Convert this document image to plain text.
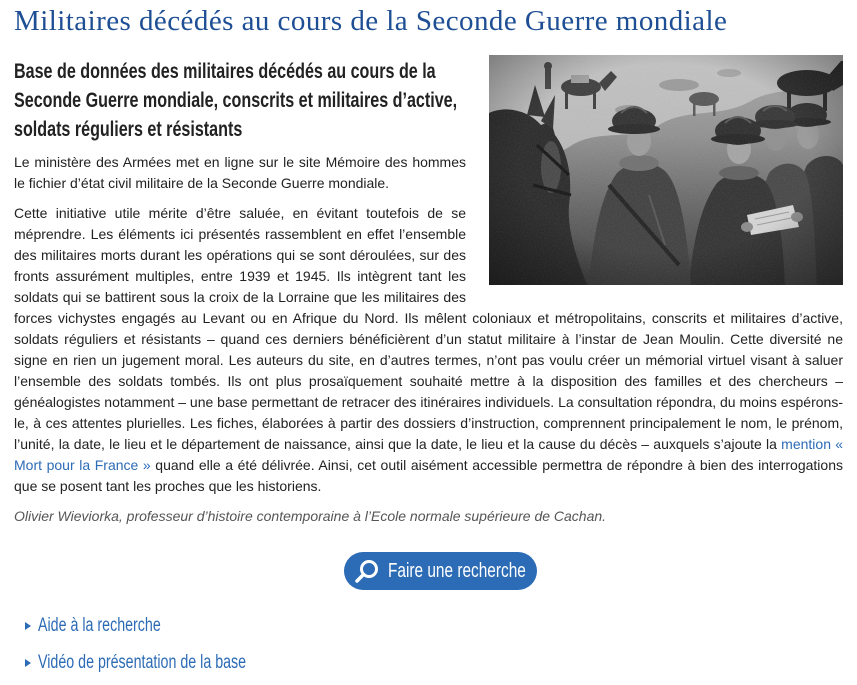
Militaires décédés au cours de la Seconde Guerre mondiale
Base de données des militaires décédés au cours de la Seconde Guerre mondiale, conscrits et militaires d’active, soldats réguliers et résistants

Le ministère des Armées met en ligne sur le site Mémoire des hommes le fichier d’état civil militaire de la Seconde Guerre mondiale.

Cette initiative utile mérite d’être saluée, en évitant toutefois de se méprendre. Les éléments ici présentés rassemblent en effet l’ensemble des militaires morts durant les opérations qui se sont déroulées, sur des fronts assurément multiples, entre 1939 et 1945. Ils intègrent tant les soldats qui se battirent sous la croix de la Lorraine que les militaires des forces vichystes engagés au Levant ou en Afrique du Nord. Ils mêlent coloniaux et métropolitains, conscrits et militaires d’active, soldats réguliers et résistants – quand ces derniers bénéficièrent d’un statut militaire à l’instar de Jean Moulin. Cette diversité ne signe en rien un jugement moral. Les auteurs du site, en d’autres termes, n’ont pas voulu créer un mémorial virtuel visant à saluer l’ensemble des soldats tombés. Ils ont plus prosaïquement souhaité mettre à la disposition des familles et des chercheurs – généalogistes notamment – une base permettant de retracer des itinéraires individuels. La consultation répondra, du moins espérons-le, à ces attentes plurielles. Les fiches, élaborées à partir des dossiers d’instruction, comprennent principalement le nom, le prénom, l’unité, la date, le lieu et le département de naissance, ainsi que la date, le lieu et la cause du décès – auxquels s’ajoute la mention « Mort pour la France » quand elle a été délivrée. Ainsi, cet outil aisément accessible permettra de répondre à bien des interrogations que se posent tant les proches que les historiens.

Olivier Wieviorka, professeur d’histoire contemporaine à l’Ecole normale supérieure de Cachan.

Faire une recherche
Aide à la recherche
Vidéo de présentation de la base
